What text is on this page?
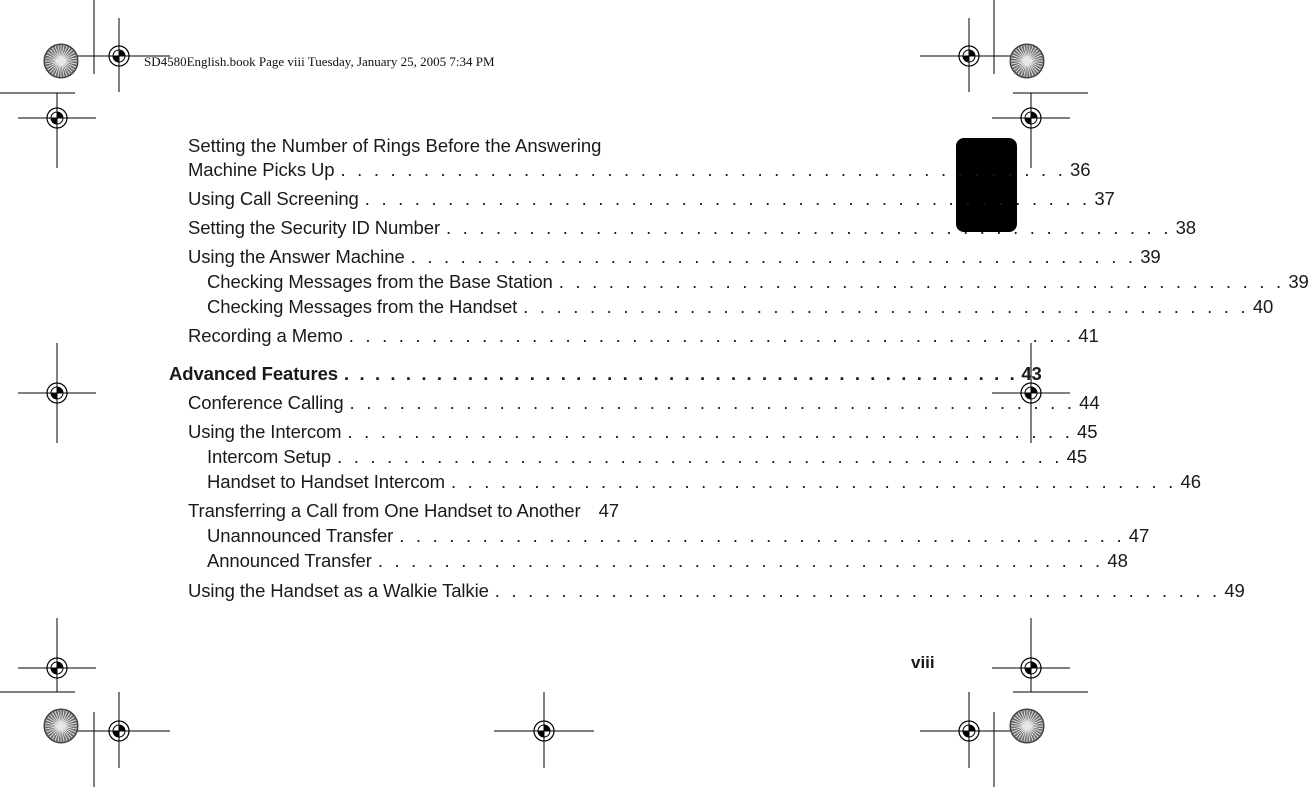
SD4580English.book Page viii Tuesday, January 25, 2005 7:34 PM
Setting the Number of Rings Before the Answering
Machine Picks Up . . . . . . . . . . . . . . . . . . . . . . . . . . . . . . . . . . . . . . . . . . . . 36
Using Call Screening . . . . . . . . . . . . . . . . . . . . . . . . . . . . . . . . . . . . . . . . . . . . 37
Setting the Security ID Number . . . . . . . . . . . . . . . . . . . . . . . . . . . . . . . . . . . . . . . . . . . . 38
Using the Answer Machine . . . . . . . . . . . . . . . . . . . . . . . . . . . . . . . . . . . . . . . . . . . . 39
Checking Messages from the Base Station . . . . . . . . . . . . . . . . . . . . . . . . . . . . . . . . . . . . . . . . . . . . 39
Checking Messages from the Handset . . . . . . . . . . . . . . . . . . . . . . . . . . . . . . . . . . . . . . . . . . . . 40
Recording a Memo . . . . . . . . . . . . . . . . . . . . . . . . . . . . . . . . . . . . . . . . . . . . 41
Advanced Features . . . . . . . . . . . . . . . . . . . . . . . . . . . . . . . . . . . . . . . . . . . . 43
Conference Calling . . . . . . . . . . . . . . . . . . . . . . . . . . . . . . . . . . . . . . . . . . . . 44
Using the Intercom . . . . . . . . . . . . . . . . . . . . . . . . . . . . . . . . . . . . . . . . . . . . 45
Intercom Setup . . . . . . . . . . . . . . . . . . . . . . . . . . . . . . . . . . . . . . . . . . . . 45
Handset to Handset Intercom . . . . . . . . . . . . . . . . . . . . . . . . . . . . . . . . . . . . . . . . . . . . 46
Transferring a Call from One Handset to Another 47
Unannounced Transfer . . . . . . . . . . . . . . . . . . . . . . . . . . . . . . . . . . . . . . . . . . . . 47
Announced Transfer . . . . . . . . . . . . . . . . . . . . . . . . . . . . . . . . . . . . . . . . . . . . 48
Using the Handset as a Walkie Talkie . . . . . . . . . . . . . . . . . . . . . . . . . . . . . . . . . . . . . . . . . . . . 49
viii
